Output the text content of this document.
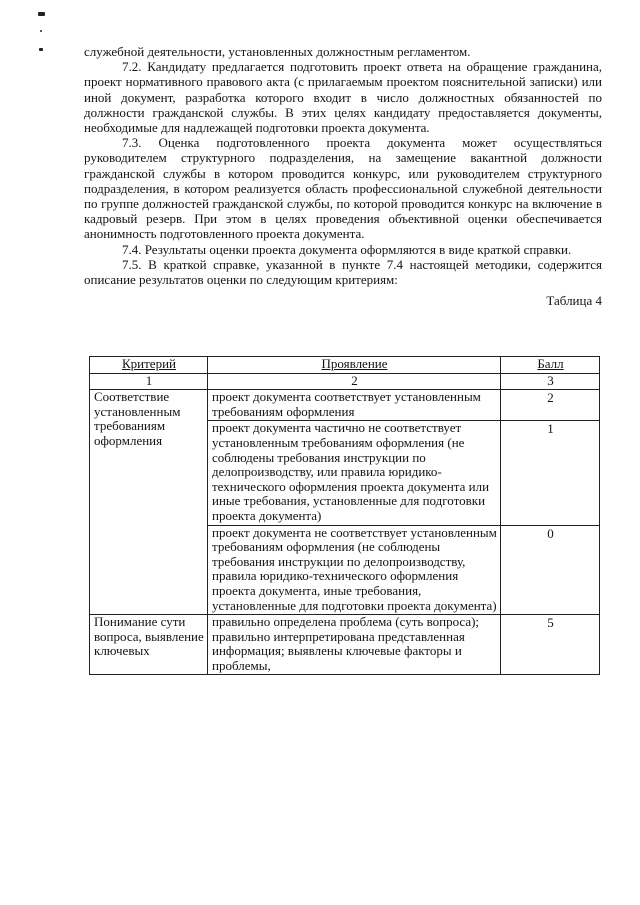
служебной деятельности, установленных должностным регламентом.

7.2. Кандидату предлагается подготовить проект ответа на обращение гражданина, проект нормативного правового акта (с прилагаемым проектом пояснительной записки) или иной документ, разработка которого входит в число должностных обязанностей по должности гражданской службы. В этих целях кандидату предоставляется документы, необходимые для надлежащей подготовки проекта документа.

7.3. Оценка подготовленного проекта документа может осуществляться руководителем структурного подразделения, на замещение вакантной должности гражданской службы в котором проводится конкурс, или руководителем структурного подразделения, в котором реализуется область профессиональной служебной деятельности по группе должностей гражданской службы, по которой проводится конкурс на включение в кадровый резерв. При этом в целях проведения объективной оценки обеспечивается анонимность подготовленного проекта документа.

7.4. Результаты оценки проекта документа оформляются в виде краткой справки.

7.5. В краткой справке, указанной в пункте 7.4 настоящей методики, содержится описание результатов оценки по следующим критериям:

Таблица 4
Критерий	Проявление	Балл
1	2	3
Соответствие установленным требованиям оформления	проект документа соответствует установленным требованиям оформления	2
	проект документа частично не соответствует установленным требованиям оформления (не соблюдены требования инструкции по делопроизводству, или правила юридико-технического оформления проекта документа или иные требования, установленные для подготовки проекта документа)	1
	проект документа не соответствует установленным требованиям оформления (не соблюдены требования инструкции по делопроизводству, правила юридико-технического оформления проекта документа, иные требования, установленные для подготовки проекта документа)	0
Понимание сути вопроса, выявление ключевых	правильно определена проблема (суть вопроса); правильно интерпретирована представленная информация; выявлены ключевые факторы и проблемы,	5
